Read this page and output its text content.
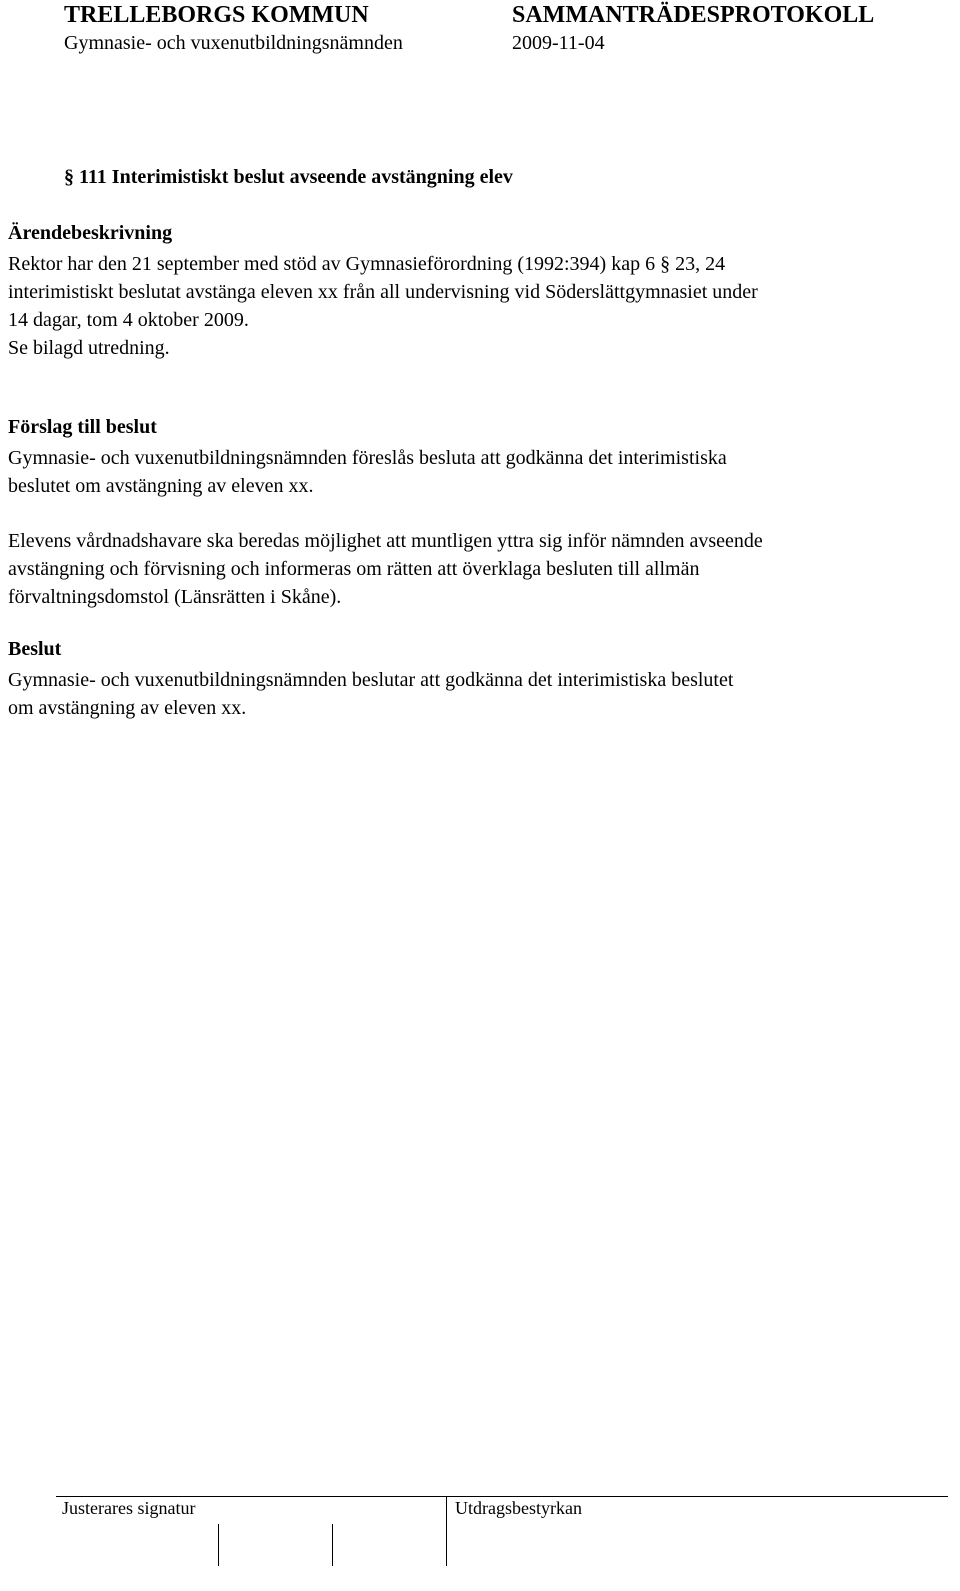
TRELLEBORGS KOMMUN	SAMMANTRÄDESPROTOKOLL
Gymnasie- och vuxenutbildningsnämnden	2009-11-04
§ 111 Interimistiskt beslut avseende avstängning elev
Ärendebeskrivning
Rektor har den 21 september med stöd av Gymnasieförordning (1992:394) kap 6 § 23, 24
interimistiskt beslutat avstänga eleven xx från all undervisning vid Söderslättgymnasiet under
14 dagar, tom 4 oktober 2009.
Se bilagd utredning.
Förslag till beslut
Gymnasie- och vuxenutbildningsnämnden föreslås besluta att godkänna det interimistiska
beslutet om avstängning av eleven xx.
Elevens vårdnadshavare ska beredas möjlighet att muntligen yttra sig inför nämnden avseende
avstängning och förvisning och informeras om rätten att överklaga besluten till allmän
förvaltningsdomstol (Länsrätten i Skåne).
Beslut
Gymnasie- och vuxenutbildningsnämnden beslutar att godkänna det interimistiska beslutet
om avstängning av eleven xx.
Justerares signatur	Utdragsbestyrkan
